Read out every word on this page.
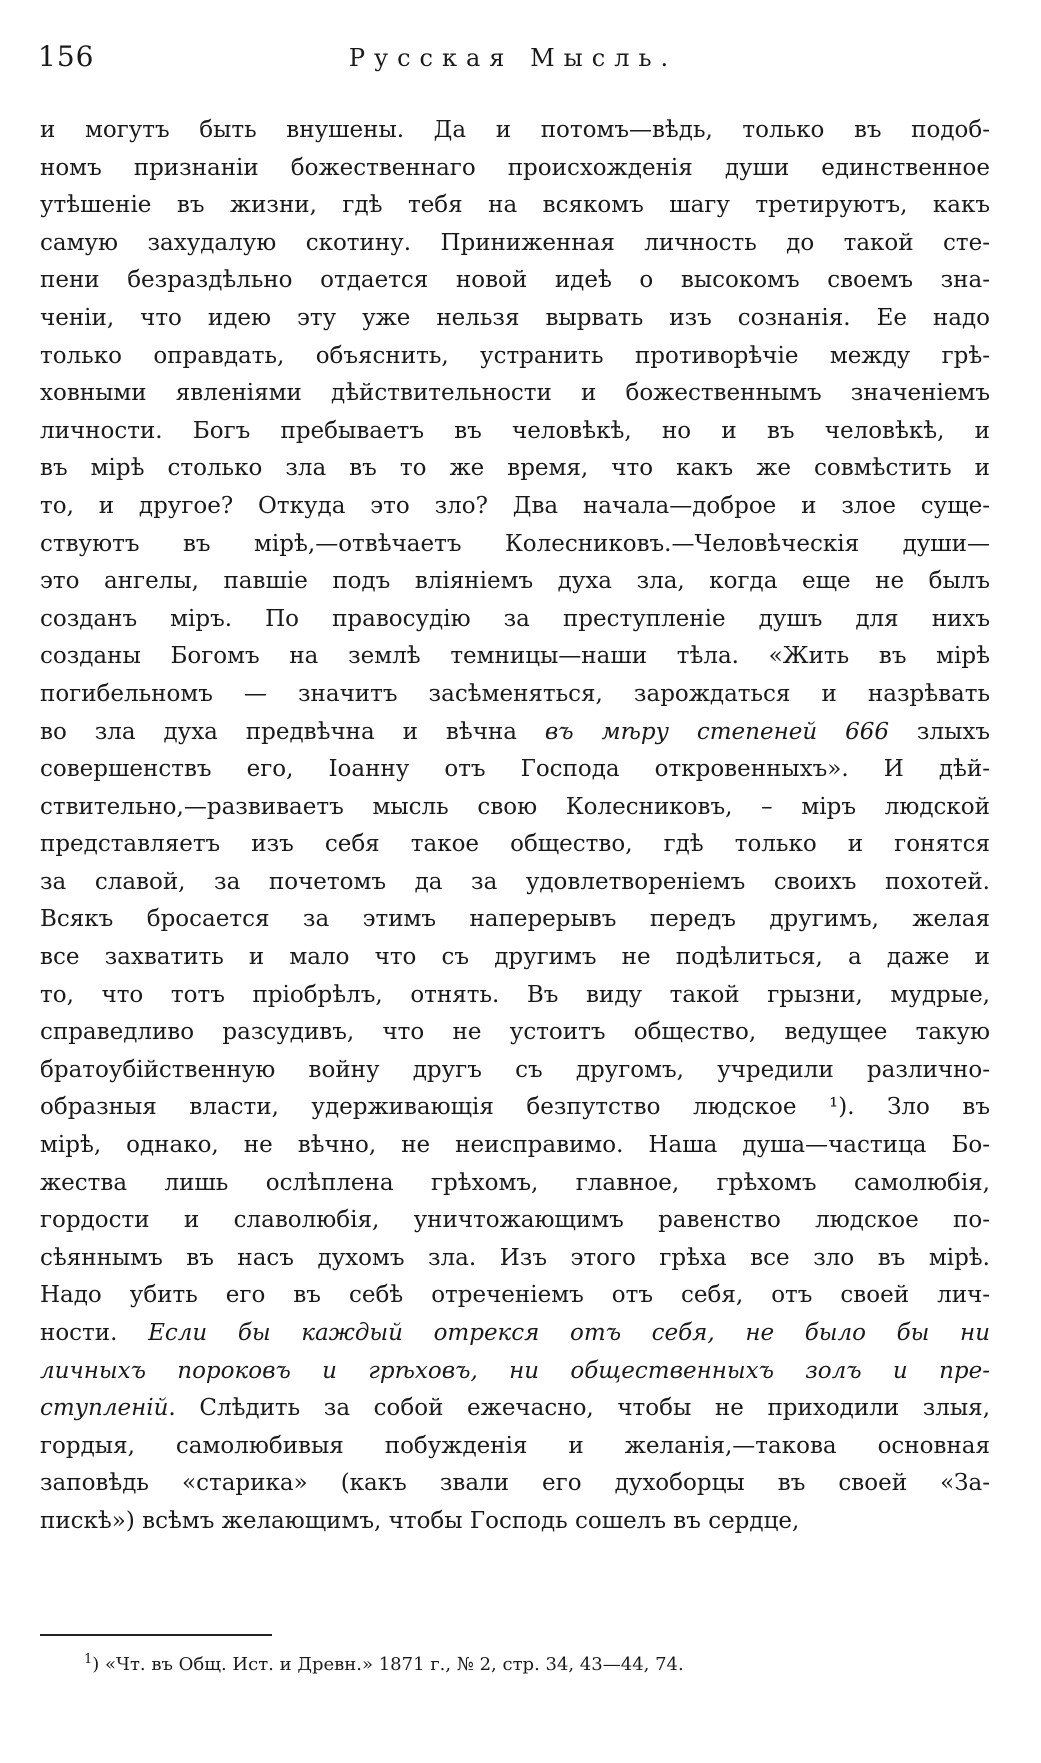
156	Русская Мысль.
и могутъ быть внушены. Да и потомъ—вѣдь, только въ подоб-
номъ признаніи божественнаго происхожденія души единственное
утѣшеніе въ жизни, гдѣ тебя на всякомъ шагу третируютъ, какъ
самую захудалую скотину. Приниженная личность до такой сте-
пени безраздѣльно отдается новой идеѣ о высокомъ своемъ зна-
ченіи, что идею эту уже нельзя вырвать изъ сознанія. Ее надо
только оправдать, объяснить, устранить противорѣчіе между грѣ-
ховными явленіями дѣйствительности и божественнымъ значеніемъ
личности. Богъ пребываетъ въ человѣкѣ, но и въ человѣкѣ, и
въ мірѣ столько зла въ то же время, что какъ же совмѣстить и
то, и другое? Откуда это зло? Два начала—доброе и злое суще-
ствуютъ въ мірѣ,—отвѣчаетъ Колесниковъ.—Человѣческія души—
это ангелы, павшіе подъ вліяніемъ духа зла, когда еще не былъ
созданъ міръ. По правосудію за преступленіе душъ для нихъ
созданы Богомъ на землѣ темницы—наши тѣла. «Жить въ мірѣ
погибельномъ — значитъ засѣменяться, зарождаться и назрѣвать
во зла духа предвѣчна и вѣчна въ мѣру степеней 666 злыхъ
совершенствъ его, Іоанну отъ Господа откровенныхъ». И дѣй-
ствительно,—развиваетъ мысль свою Колесниковъ, – міръ людской
представляетъ изъ себя такое общество, гдѣ только и гонятся
за славой, за почетомъ да за удовлетвореніемъ своихъ похотей.
Всякъ бросается за этимъ наперерывъ передъ другимъ, желая
все захватить и мало что съ другимъ не подѣлиться, а даже и
то, что тотъ пріобрѣлъ, отнять. Въ виду такой грызни, мудрые,
справедливо разсудивъ, что не устоитъ общество, ведущее такую
братоубійственную войну другъ съ другомъ, учредили различно-
образныя власти, удерживающія безпутство людское ¹). Зло въ
мірѣ, однако, не вѣчно, не неисправимо. Наша душа—частица Бо-
жества лишь ослѣплена грѣхомъ, главное, грѣхомъ самолюбія,
гордости и славолюбія, уничтожающимъ равенство людское по-
сѣяннымъ въ насъ духомъ зла. Изъ этого грѣха все зло въ мірѣ.
Надо убить его въ себѣ отреченіемъ отъ себя, отъ своей лич-
ности. Если бы каждый отрекся отъ себя, не было бы ни
личныхъ пороковъ и грѣховъ, ни общественныхъ золъ и пре-
ступленій. Слѣдить за собой ежечасно, чтобы не приходили злыя,
гордыя, самолюбивыя побужденія и желанія,—такова основная
заповѣдь «старика» (какъ звали его духоборцы въ своей «За-
пискѣ») всѣмъ желающимъ, чтобы Господь сошелъ въ сердце,
$^1$) «Чт. въ Общ. Ист. и Древн.» 1871 г., № 2, стр. 34, 43—44, 74.
